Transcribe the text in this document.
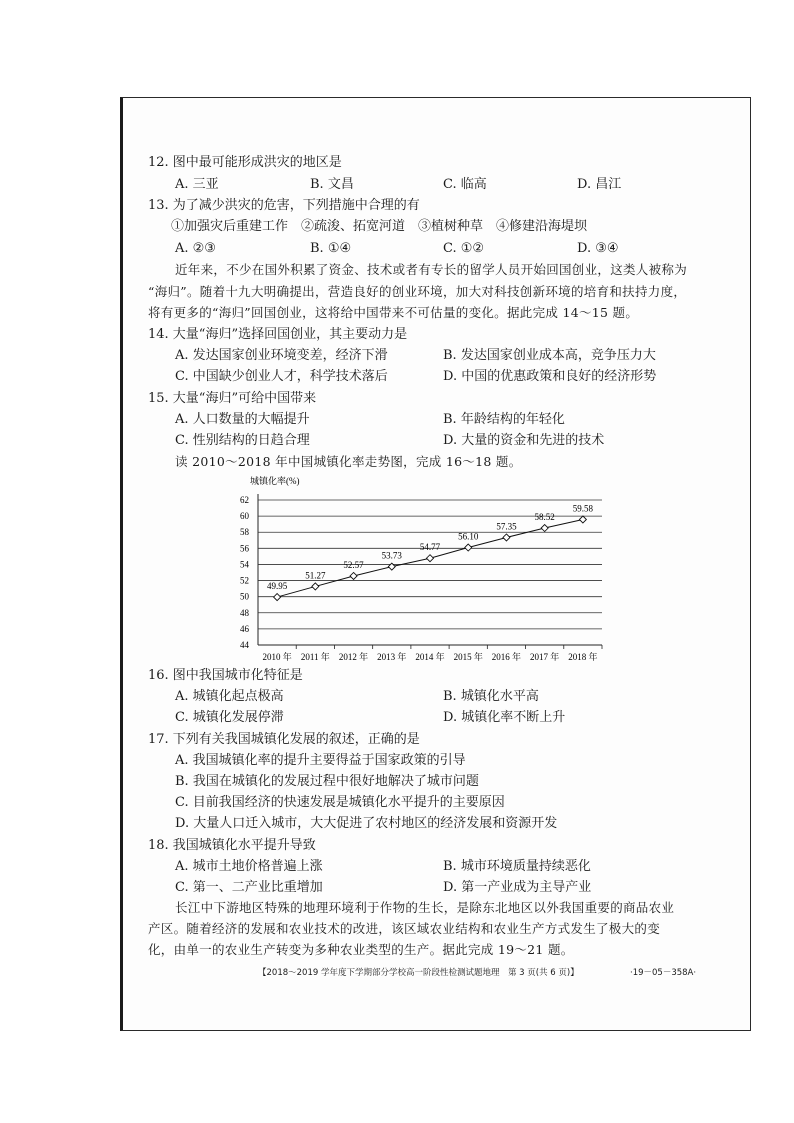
12. 图中最可能形成洪灾的地区是
A. 三亚	B. 文昌	C. 临高	D. 昌江
13. 为了减少洪灾的危害，下列措施中合理的有
①加强灾后重建工作　②疏浚、拓宽河道　③植树种草　④修建沿海堤坝
A. ②③	B. ①④	C. ①②	D. ③④
近年来，不少在国外积累了资金、技术或者有专长的留学人员开始回国创业，这类人被称为
“海归”。随着十九大明确提出，营造良好的创业环境，加大对科技创新环境的培育和扶持力度，
将有更多的“海归”回国创业，这将给中国带来不可估量的变化。据此完成 14～15 题。
14. 大量“海归”选择回国创业，其主要动力是
A. 发达国家创业环境变差，经济下滑	B. 发达国家创业成本高，竞争压力大
C. 中国缺少创业人才，科学技术落后	D. 中国的优惠政策和良好的经济形势
15. 大量“海归”可给中国带来
A. 人口数量的大幅提升	B. 年龄结构的年轻化
C. 性别结构的日趋合理	D. 大量的资金和先进的技术
读 2010～2018 年中国城镇化率走势图，完成 16～18 题。
44
46
48
50
52
54
56
58
60
62
2010 年 2011 年 2012 年 2013 年 2014 年 2015 年 2016 年 2017 年 2018 年
49.95
51.27
52.57
53.73
54.77
56.10
57.35
58.52
59.58
城镇化率(%)
16. 图中我国城市化特征是
A. 城镇化起点极高	B. 城镇化水平高
C. 城镇化发展停滞	D. 城镇化率不断上升
17. 下列有关我国城镇化发展的叙述，正确的是
A. 我国城镇化率的提升主要得益于国家政策的引导
B. 我国在城镇化的发展过程中很好地解决了城市问题
C. 目前我国经济的快速发展是城镇化水平提升的主要原因
D. 大量人口迁入城市，大大促进了农村地区的经济发展和资源开发
18. 我国城镇化水平提升导致
A. 城市土地价格普遍上涨	B. 城市环境质量持续恶化
C. 第一、二产业比重增加	D. 第一产业成为主导产业
长江中下游地区特殊的地理环境利于作物的生长，是除东北地区以外我国重要的商品农业
产区。随着经济的发展和农业技术的改进，该区域农业结构和农业生产方式发生了极大的变
化，由单一的农业生产转变为多种农业类型的生产。据此完成 19～21 题。
【2018～2019 学年度下学期部分学校高一阶段性检测试题地理　第 3 页(共 6 页)】	·19－05－358A·
